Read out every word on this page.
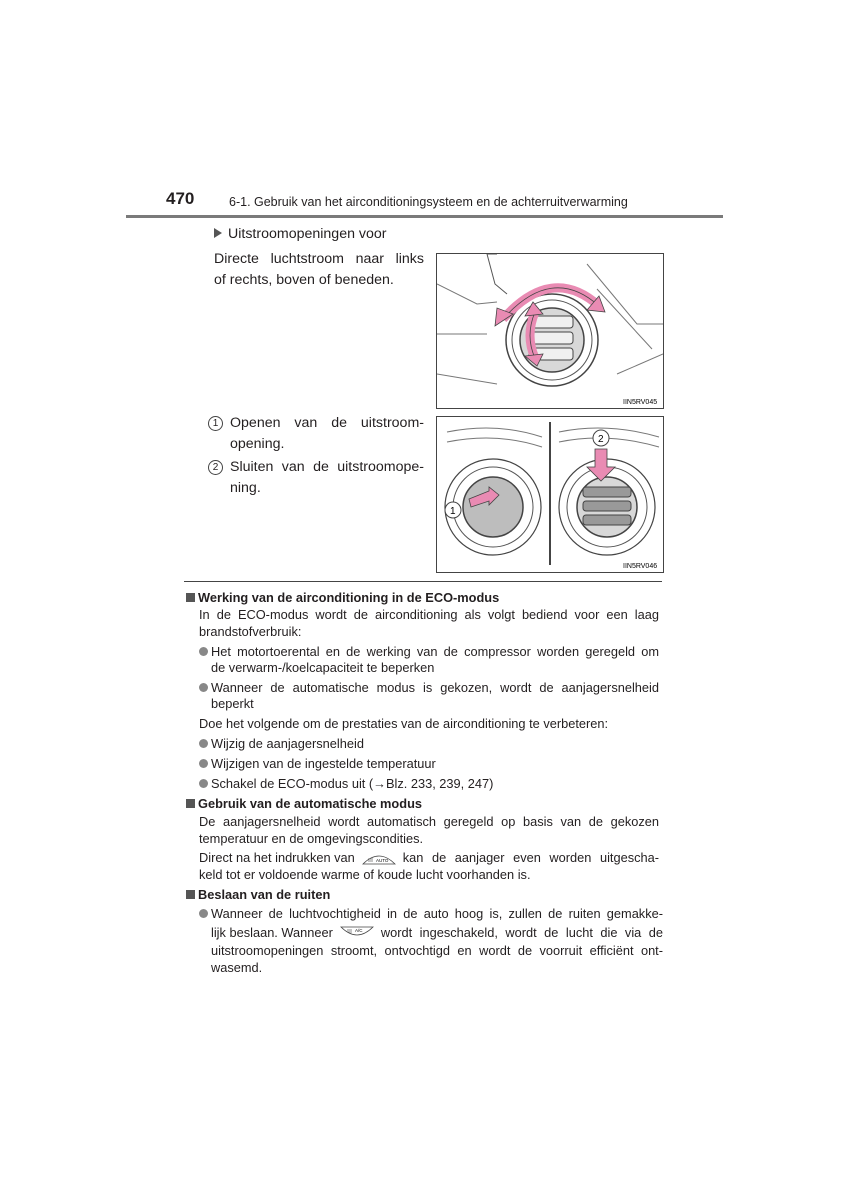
470	6-1. Gebruik van het airconditioningsysteem en de achterruitverwarming
Uitstroomopeningen voor
Directe luchtstroom naar links
of rechts, boven of beneden.
1 Openen van de uitstroom-
opening.
2 Sluiten van de uitstroomope-
ning.
IIN5RV045
1
2
IIN5RV046
Werking van de airconditioning in de ECO-modus
In de ECO-modus wordt de airconditioning als volgt bediend voor een laag
brandstofverbruik:
Het motortoerental en de werking van de compressor worden geregeld om
de verwarm-/koelcapaciteit te beperken
Wanneer de automatische modus is gekozen, wordt de aanjagersnelheid
beperkt
Doe het volgende om de prestaties van de airconditioning te verbeteren:
Wijzig de aanjagersnelheid
Wijzigen van de ingestelde temperatuur
Schakel de ECO-modus uit (→Blz. 233, 239, 247)
Gebruik van de automatische modus
De aanjagersnelheid wordt automatisch geregeld op basis van de gekozen
temperatuur en de omgevingscondities.
Direct na het indrukken van	AUTO kan de aanjager even worden uitgescha-
keld tot er voldoende warme of koude lucht voorhanden is.
Beslaan van de ruiten
Wanneer de luchtvochtigheid in de auto hoog is, zullen de ruiten gemakke-
lijk beslaan. Wanneer	A/C wordt ingeschakeld, wordt de lucht die via de
uitstroomopeningen stroomt, ontvochtigd en wordt de voorruit efficiënt ont-
wasemd.
